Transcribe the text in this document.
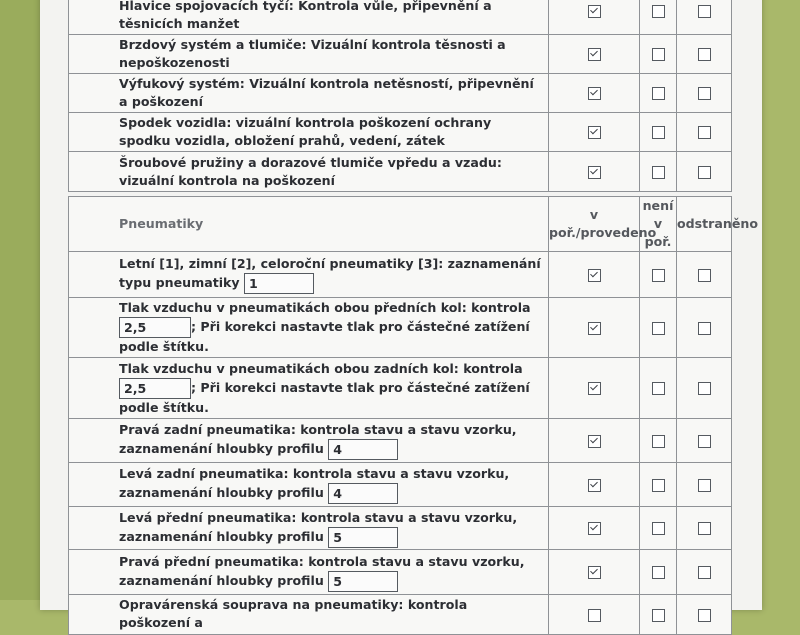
Hlavice spojovacích tyčí: Kontrola vůle, připevnění a těsnicích manžet			
Brzdový systém a tlumiče: Vizuální kontrola těsnosti a nepoškozenosti			
Výfukový systém: Vizuální kontrola netěsností, připevnění a poškození			
Spodek vozidla: vizuální kontrola poškození ochrany spodku vozidla, obložení prahů, vedení, zátek			
Šroubové pružiny a dorazové tlumiče vpředu a vzadu: vizuální kontrola na poškození			
Pneumatiky	v poř./provedeno	není v poř.	odstraněno
Letní [1], zimní [2], celoroční pneumatiky [3]: zaznamenání typu pneumatiky 1			
Tlak vzduchu v pneumatikách obou předních kol: kontrola 2,5 ; Při korekci nastavte tlak pro částečné zatížení podle štítku.			
Tlak vzduchu v pneumatikách obou zadních kol: kontrola 2,5 ; Při korekci nastavte tlak pro částečné zatížení podle štítku.			
Pravá zadní pneumatika: kontrola stavu a stavu vzorku, zaznamenání hloubky profilu 4			
Levá zadní pneumatika: kontrola stavu a stavu vzorku, zaznamenání hloubky profilu 4			
Levá přední pneumatika: kontrola stavu a stavu vzorku, zaznamenání hloubky profilu 5			
Pravá přední pneumatika: kontrola stavu a stavu vzorku, zaznamenání hloubky profilu 5			
Opravárenská souprava na pneumatiky: kontrola poškození a			
